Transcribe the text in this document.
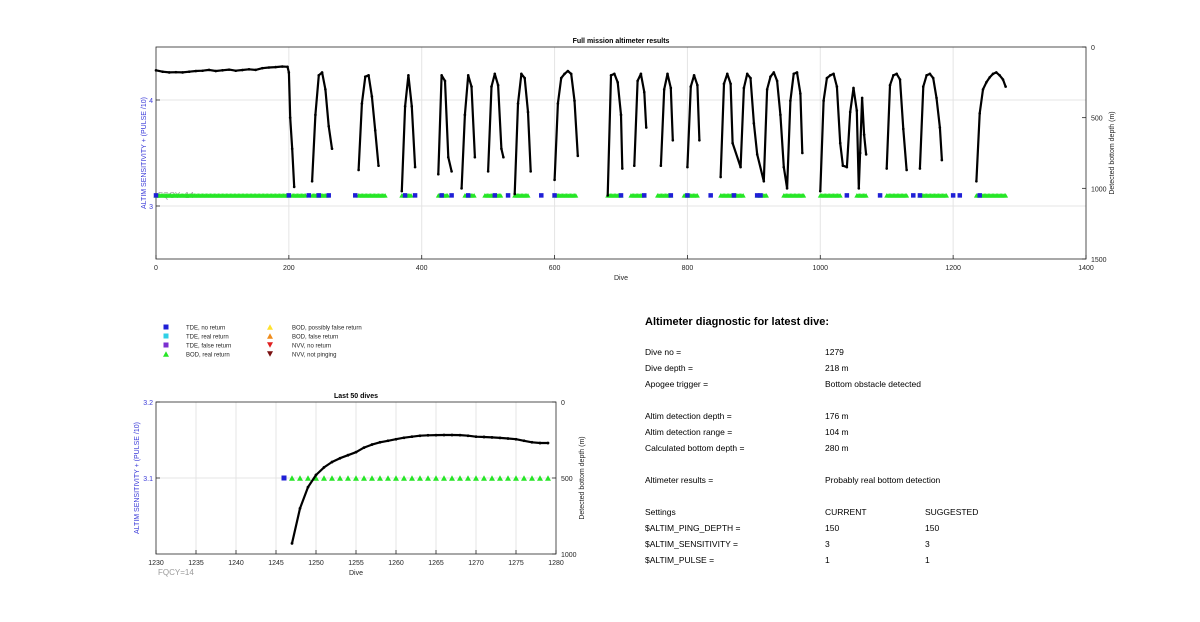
0	200	400	600	800	1000	1200	1400
3
4
0
500
1000
1500
Full mission altimeter results
Dive
ALTIM SENSITIVITY + (PULSE /10)	Detected bottom depth (m)
TDE, no return
TDE, real return
TDE, false return
BOD, real return
BOD, possibly false return
BOD, false return
NVV, no return
NVV, not pinging
1230	1235	1240	1245	1250	1255	1260	1265	1270	1275	1280
3.1
3.2	0
500
1000
Last 50 dives
Dive
ALTIM SENSITIVITY + (PULSE /10)	Detected bottom depth (m)
FQCY=14
Altimeter diagnostic for latest dive:
Dive no =	1279
Dive depth =	218 m
Apogee trigger =	Bottom obstacle detected
Altim detection depth =	176 m
Altim detection range =	104 m
Calculated bottom depth =	280 m
Altimeter results =	Probably real bottom detection
Settings	CURRENT	SUGGESTED
$ALTIM_PING_DEPTH =	150	150
$ALTIM_SENSITIVITY =	3	3
$ALTIM_PULSE =	1	1
